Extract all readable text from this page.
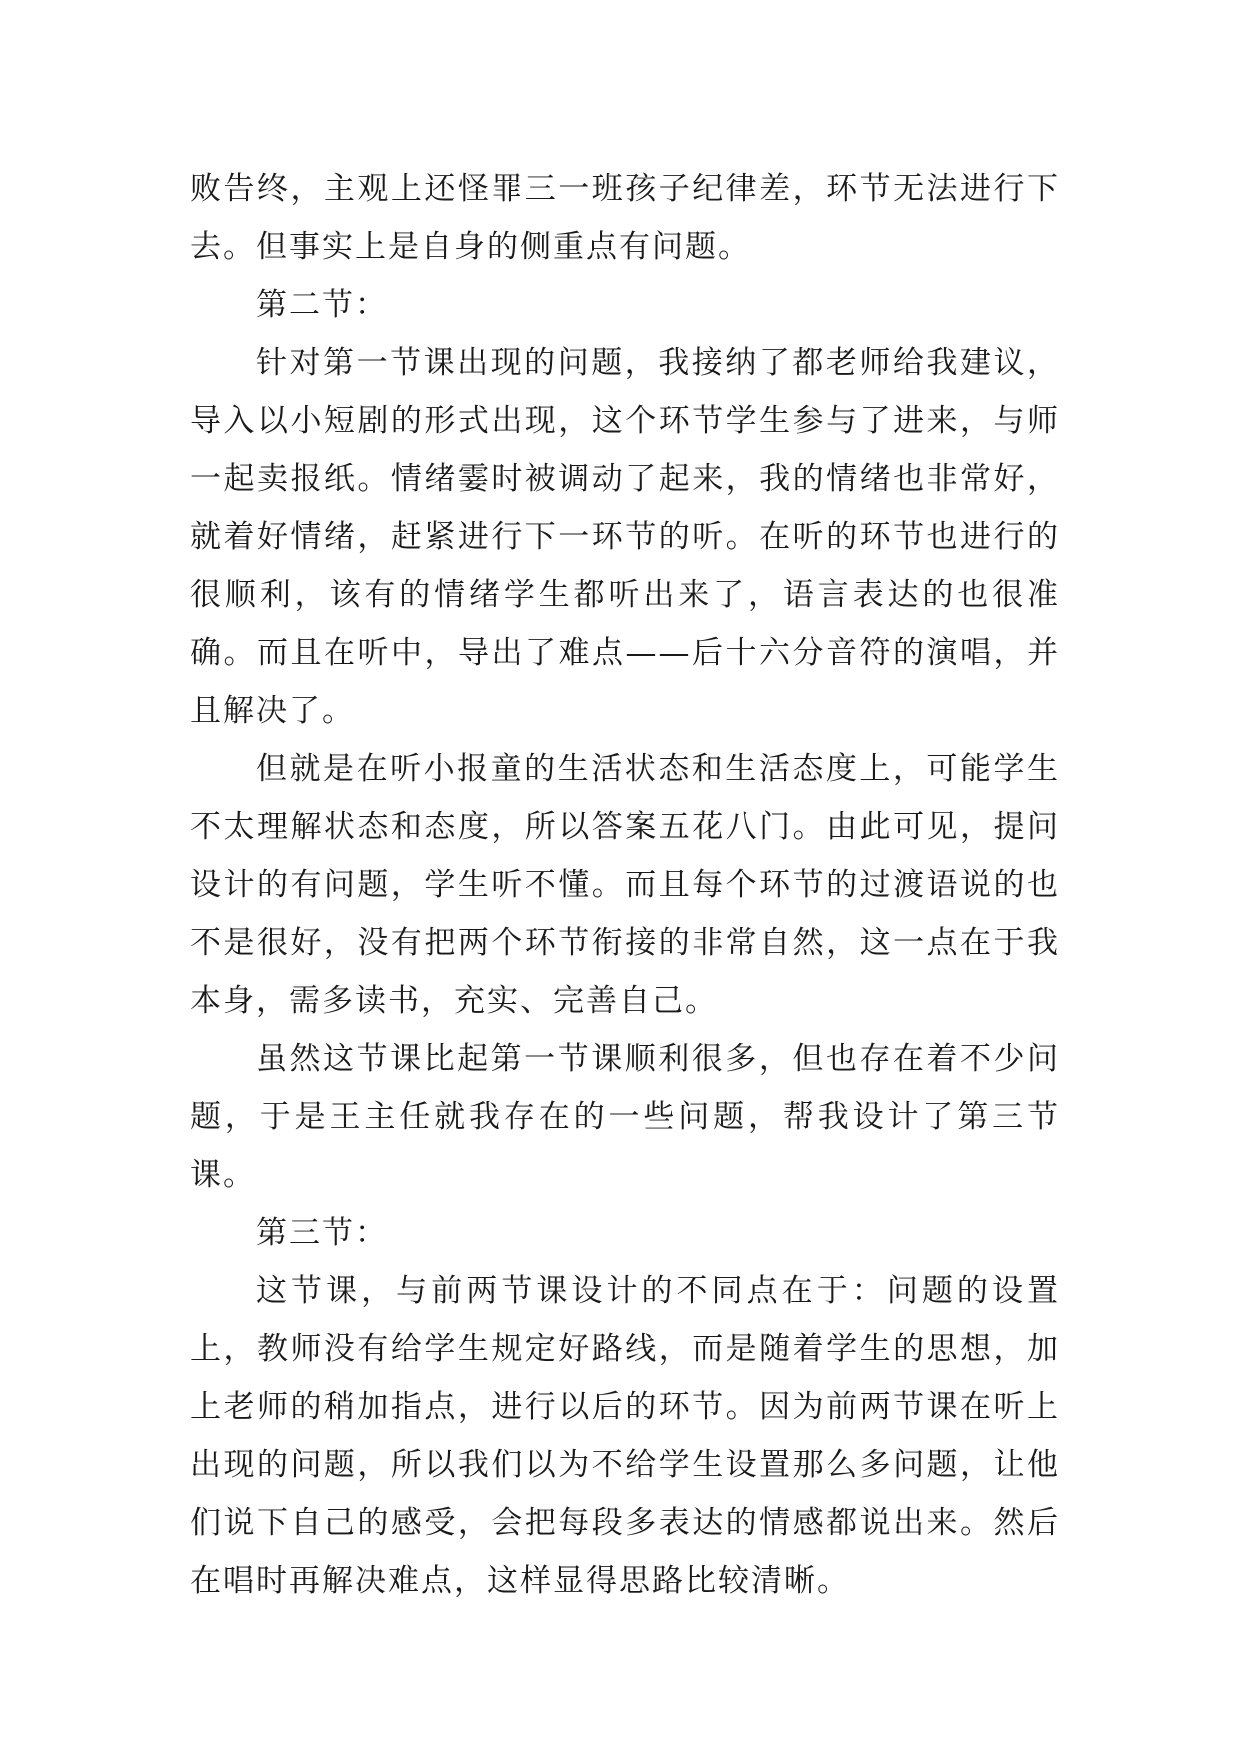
败告终，主观上还怪罪三一班孩子纪律差，环节无法进行下去。但事实上是自身的侧重点有问题。

第二节：

针对第一节课出现的问题，我接纳了都老师给我建议，导入以小短剧的形式出现，这个环节学生参与了进来，与师一起卖报纸。情绪霎时被调动了起来，我的情绪也非常好，就着好情绪，赶紧进行下一环节的听。在听的环节也进行的很顺利，该有的情绪学生都听出来了，语言表达的也很准确。而且在听中，导出了难点——后十六分音符的演唱，并且解决了。

但就是在听小报童的生活状态和生活态度上，可能学生不太理解状态和态度，所以答案五花八门。由此可见，提问设计的有问题，学生听不懂。而且每个环节的过渡语说的也不是很好，没有把两个环节衔接的非常自然，这一点在于我本身，需多读书，充实、完善自己。

虽然这节课比起第一节课顺利很多，但也存在着不少问题，于是王主任就我存在的一些问题，帮我设计了第三节课。

第三节：

这节课，与前两节课设计的不同点在于：问题的设置上，教师没有给学生规定好路线，而是随着学生的思想，加上老师的稍加指点，进行以后的环节。因为前两节课在听上出现的问题，所以我们以为不给学生设置那么多问题，让他们说下自己的感受，会把每段多表达的情感都说出来。然后在唱时再解决难点，这样显得思路比较清晰。
